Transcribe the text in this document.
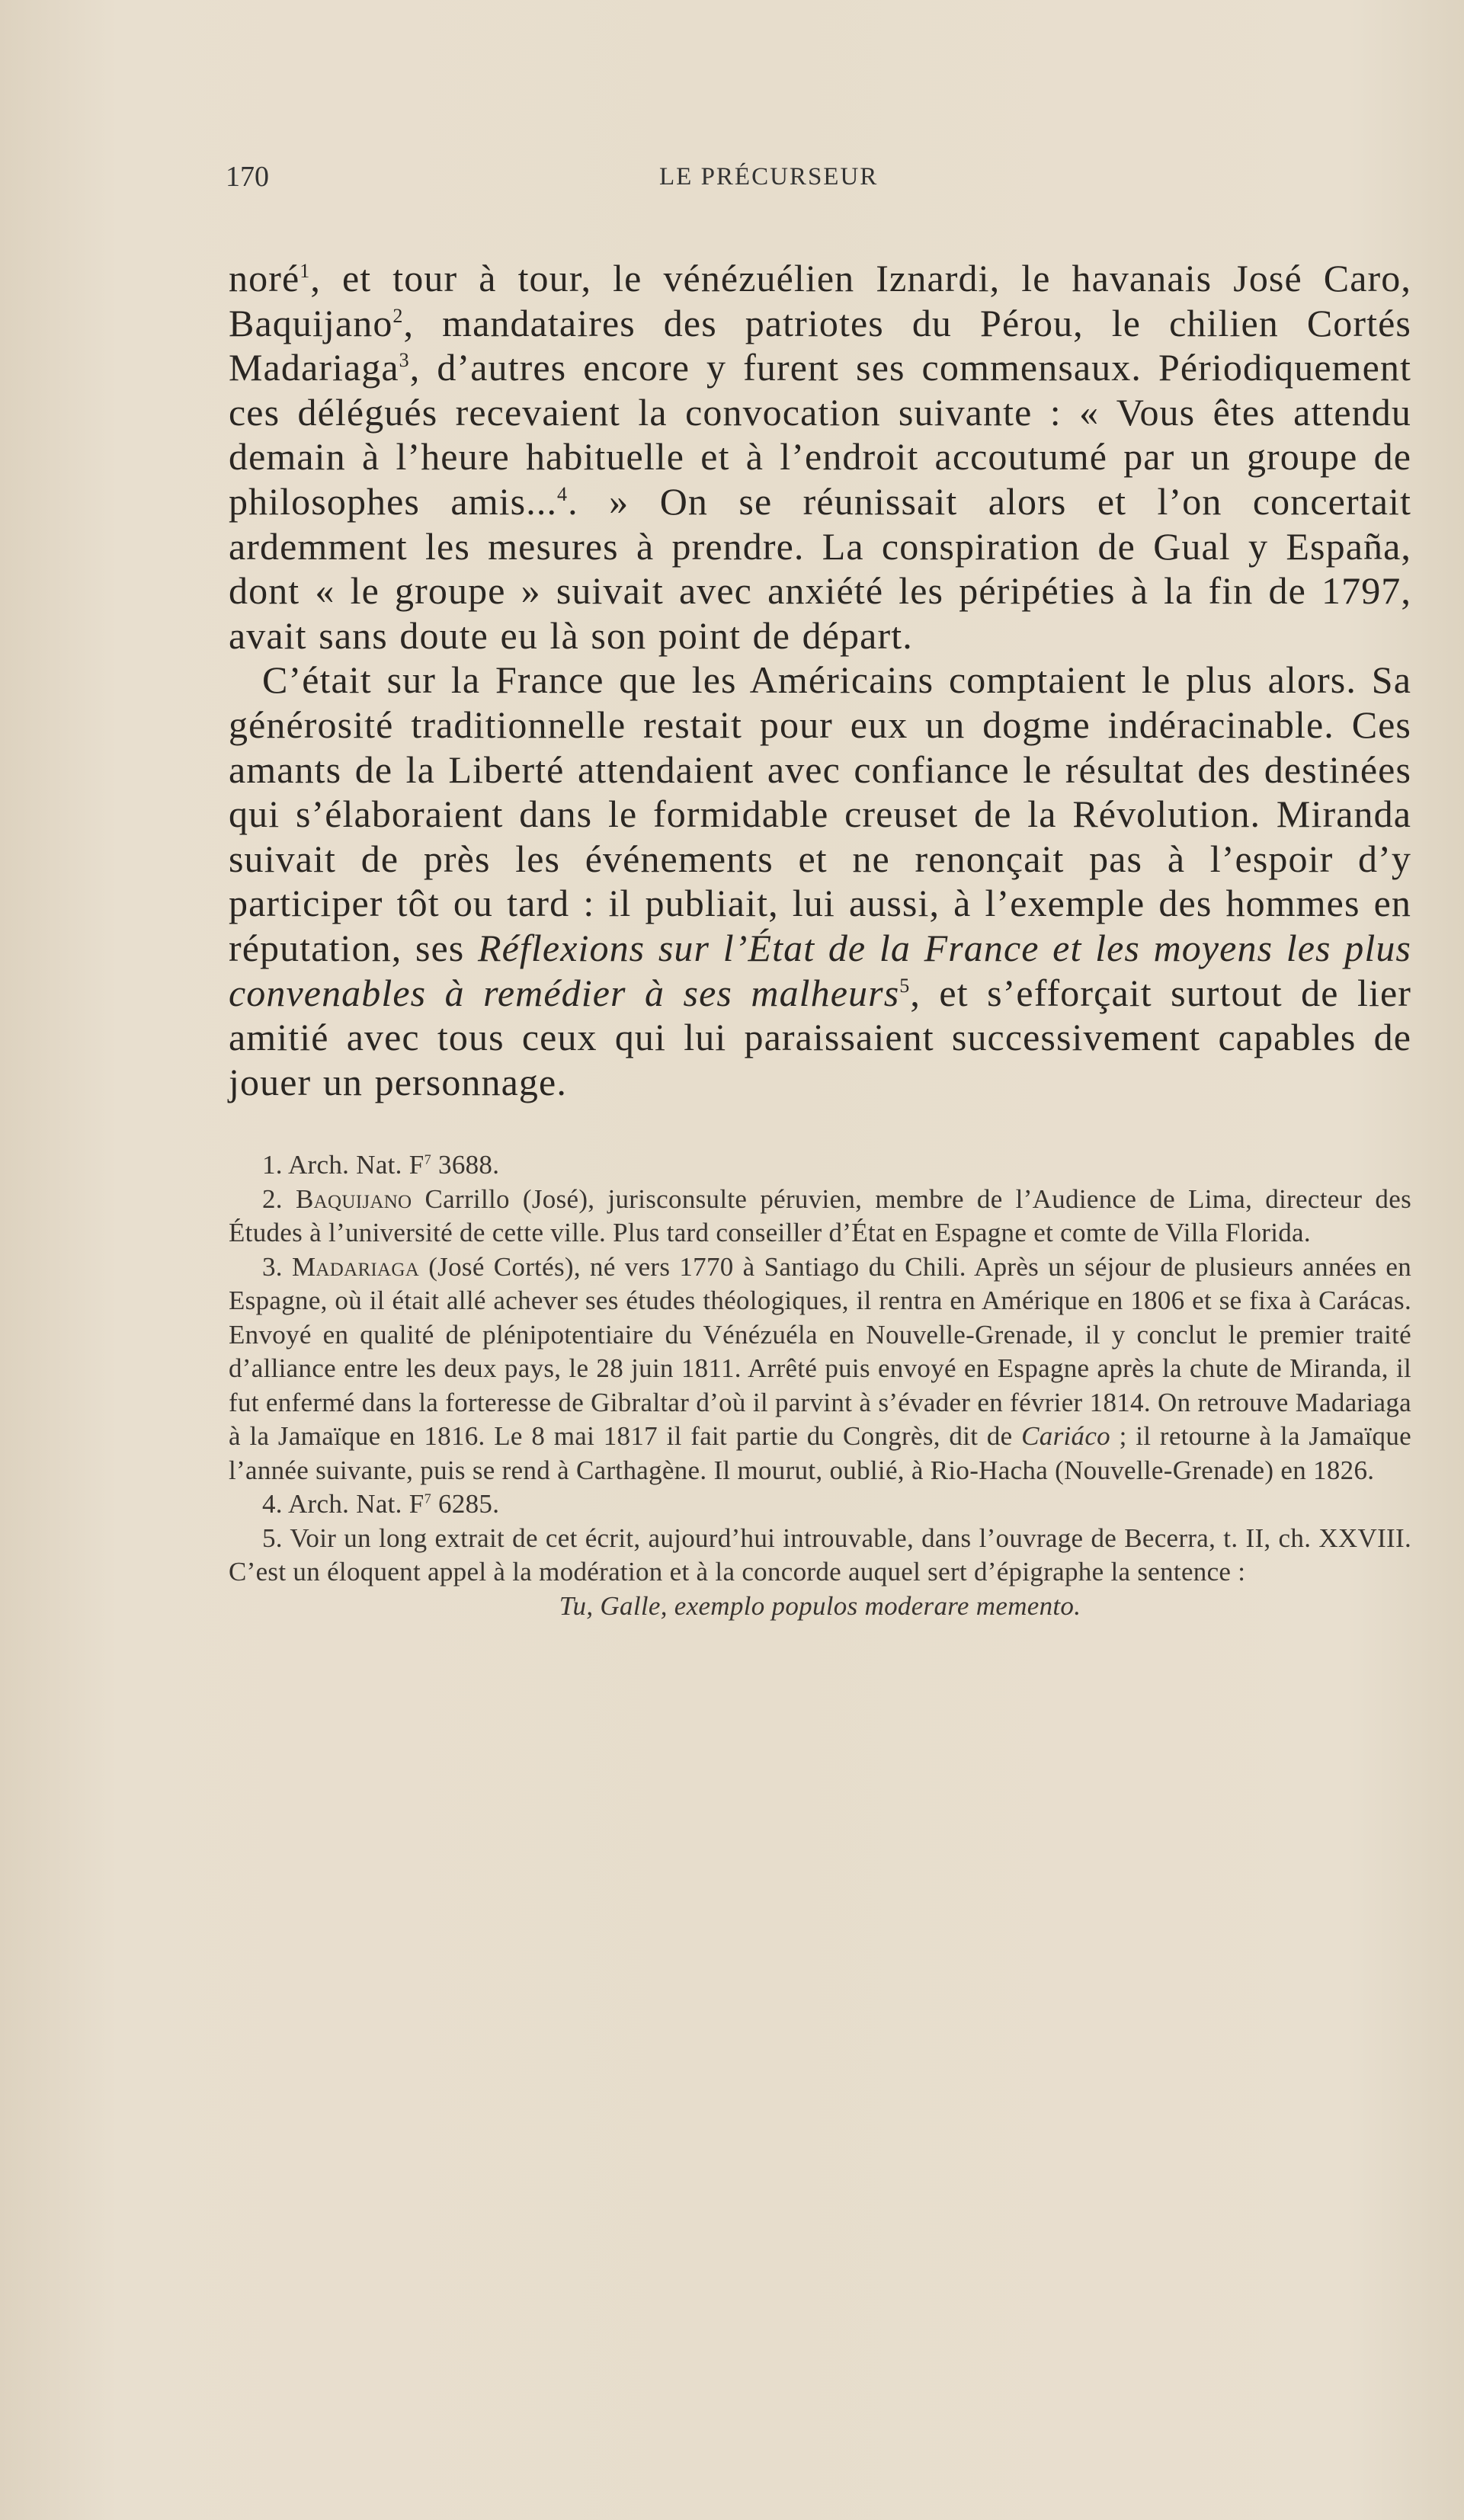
170	LE PRÉCURSEUR

noré$^1$, et tour à tour, le vénézuélien Iznardi, le havanais José Caro, Baquijano$^2$, mandataires des patriotes du Pérou, le chilien Cortés Madariaga$^3$, d’autres encore y furent ses commensaux. Périodiquement ces délégués recevaient la convocation suivante : « Vous êtes attendu demain à l’heure habituelle et à l’endroit accoutumé par un groupe de philosophes amis...$^4$. » On se réunissait alors et l’on concertait ardemment les mesures à prendre. La conspiration de Gual y España, dont « le groupe » suivait avec anxiété les péripéties à la fin de 1797, avait sans doute eu là son point de départ.

C’était sur la France que les Américains comptaient le plus alors. Sa générosité traditionnelle restait pour eux un dogme indéracinable. Ces amants de la Liberté attendaient avec confiance le résultat des destinées qui s’élaboraient dans le formidable creuset de la Révolution. Miranda suivait de près les événements et ne renonçait pas à l’espoir d’y participer tôt ou tard : il publiait, lui aussi, à l’exemple des hommes en réputation, ses Réflexions sur l’État de la France et les moyens les plus convenables à remédier à ses malheurs$^5$, et s’efforçait surtout de lier amitié avec tous ceux qui lui paraissaient successivement capables de jouer un personnage.

1. Arch. Nat. $F^7$ 3688.

2. Baquijano Carrillo (José), jurisconsulte péruvien, membre de l’Audience de Lima, directeur des Études à l’université de cette ville. Plus tard conseiller d’État en Espagne et comte de Villa Florida.

3. Madariaga (José Cortés), né vers 1770 à Santiago du Chili. Après un séjour de plusieurs années en Espagne, où il était allé achever ses études théologiques, il rentra en Amérique en 1806 et se fixa à Carácas. Envoyé en qualité de plénipotentiaire du Vénézuéla en Nouvelle-Grenade, il y conclut le premier traité d’alliance entre les deux pays, le 28 juin 1811. Arrêté puis envoyé en Espagne après la chute de Miranda, il fut enfermé dans la forteresse de Gibraltar d’où il parvint à s’évader en février 1814. On retrouve Madariaga à la Jamaïque en 1816. Le 8 mai 1817 il fait partie du Congrès, dit de Cariáco ; il retourne à la Jamaïque l’année suivante, puis se rend à Carthagène. Il mourut, oublié, à Rio-Hacha (Nouvelle-Grenade) en 1826.

4. Arch. Nat. $F^7$ 6285.

5. Voir un long extrait de cet écrit, aujourd’hui introuvable, dans l’ouvrage de Becerra, t. II, ch. XXVIII. C’est un éloquent appel à la modération et à la concorde auquel sert d’épigraphe la sentence :

Tu, Galle, exemplo populos moderare memento.
